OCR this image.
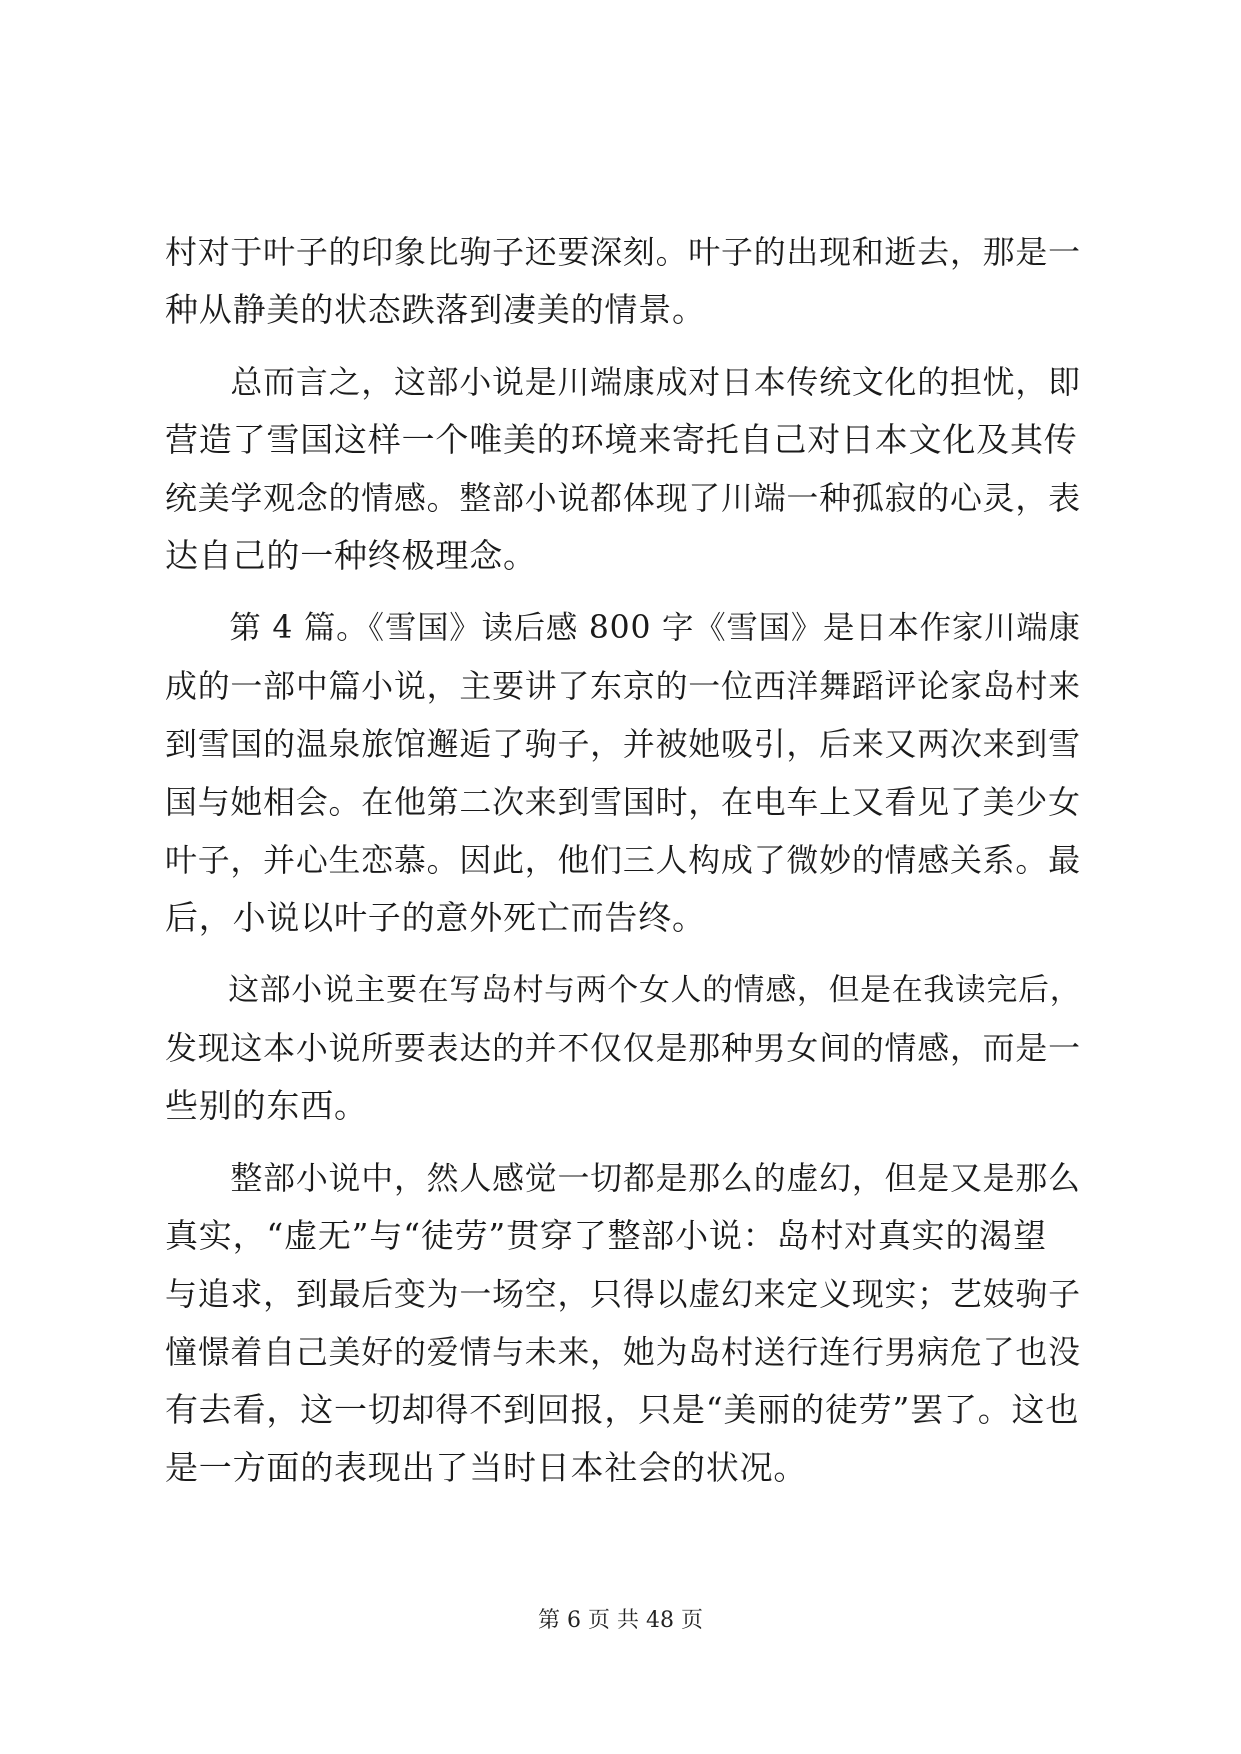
村对于叶子的印象比驹子还要深刻。叶子的出现和逝去，那是一
种从静美的状态跌落到凄美的情景。
　　总而言之，这部小说是川端康成对日本传统文化的担忧，即
营造了雪国这样一个唯美的环境来寄托自己对日本文化及其传
统美学观念的情感。整部小说都体现了川端一种孤寂的心灵，表
达自己的一种终极理念。
　　第 4 篇。《雪国》读后感 800 字《雪国》是日本作家川端康
成的一部中篇小说，主要讲了东京的一位西洋舞蹈评论家岛村来
到雪国的温泉旅馆邂逅了驹子，并被她吸引，后来又两次来到雪
国与她相会。在他第二次来到雪国时，在电车上又看见了美少女
叶子，并心生恋慕。因此，他们三人构成了微妙的情感关系。最
后，小说以叶子的意外死亡而告终。
　　这部小说主要在写岛村与两个女人的情感，但是在我读完后，
发现这本小说所要表达的并不仅仅是那种男女间的情感，而是一
些别的东西。
　　整部小说中，然人感觉一切都是那么的虚幻，但是又是那么
真实，“虚无”与“徒劳”贯穿了整部小说：岛村对真实的渴望
与追求，到最后变为一场空，只得以虚幻来定义现实；艺妓驹子
憧憬着自己美好的爱情与未来，她为岛村送行连行男病危了也没
有去看，这一切却得不到回报，只是“美丽的徒劳”罢了。这也
是一方面的表现出了当时日本社会的状况。
第 6 页 共 48 页
